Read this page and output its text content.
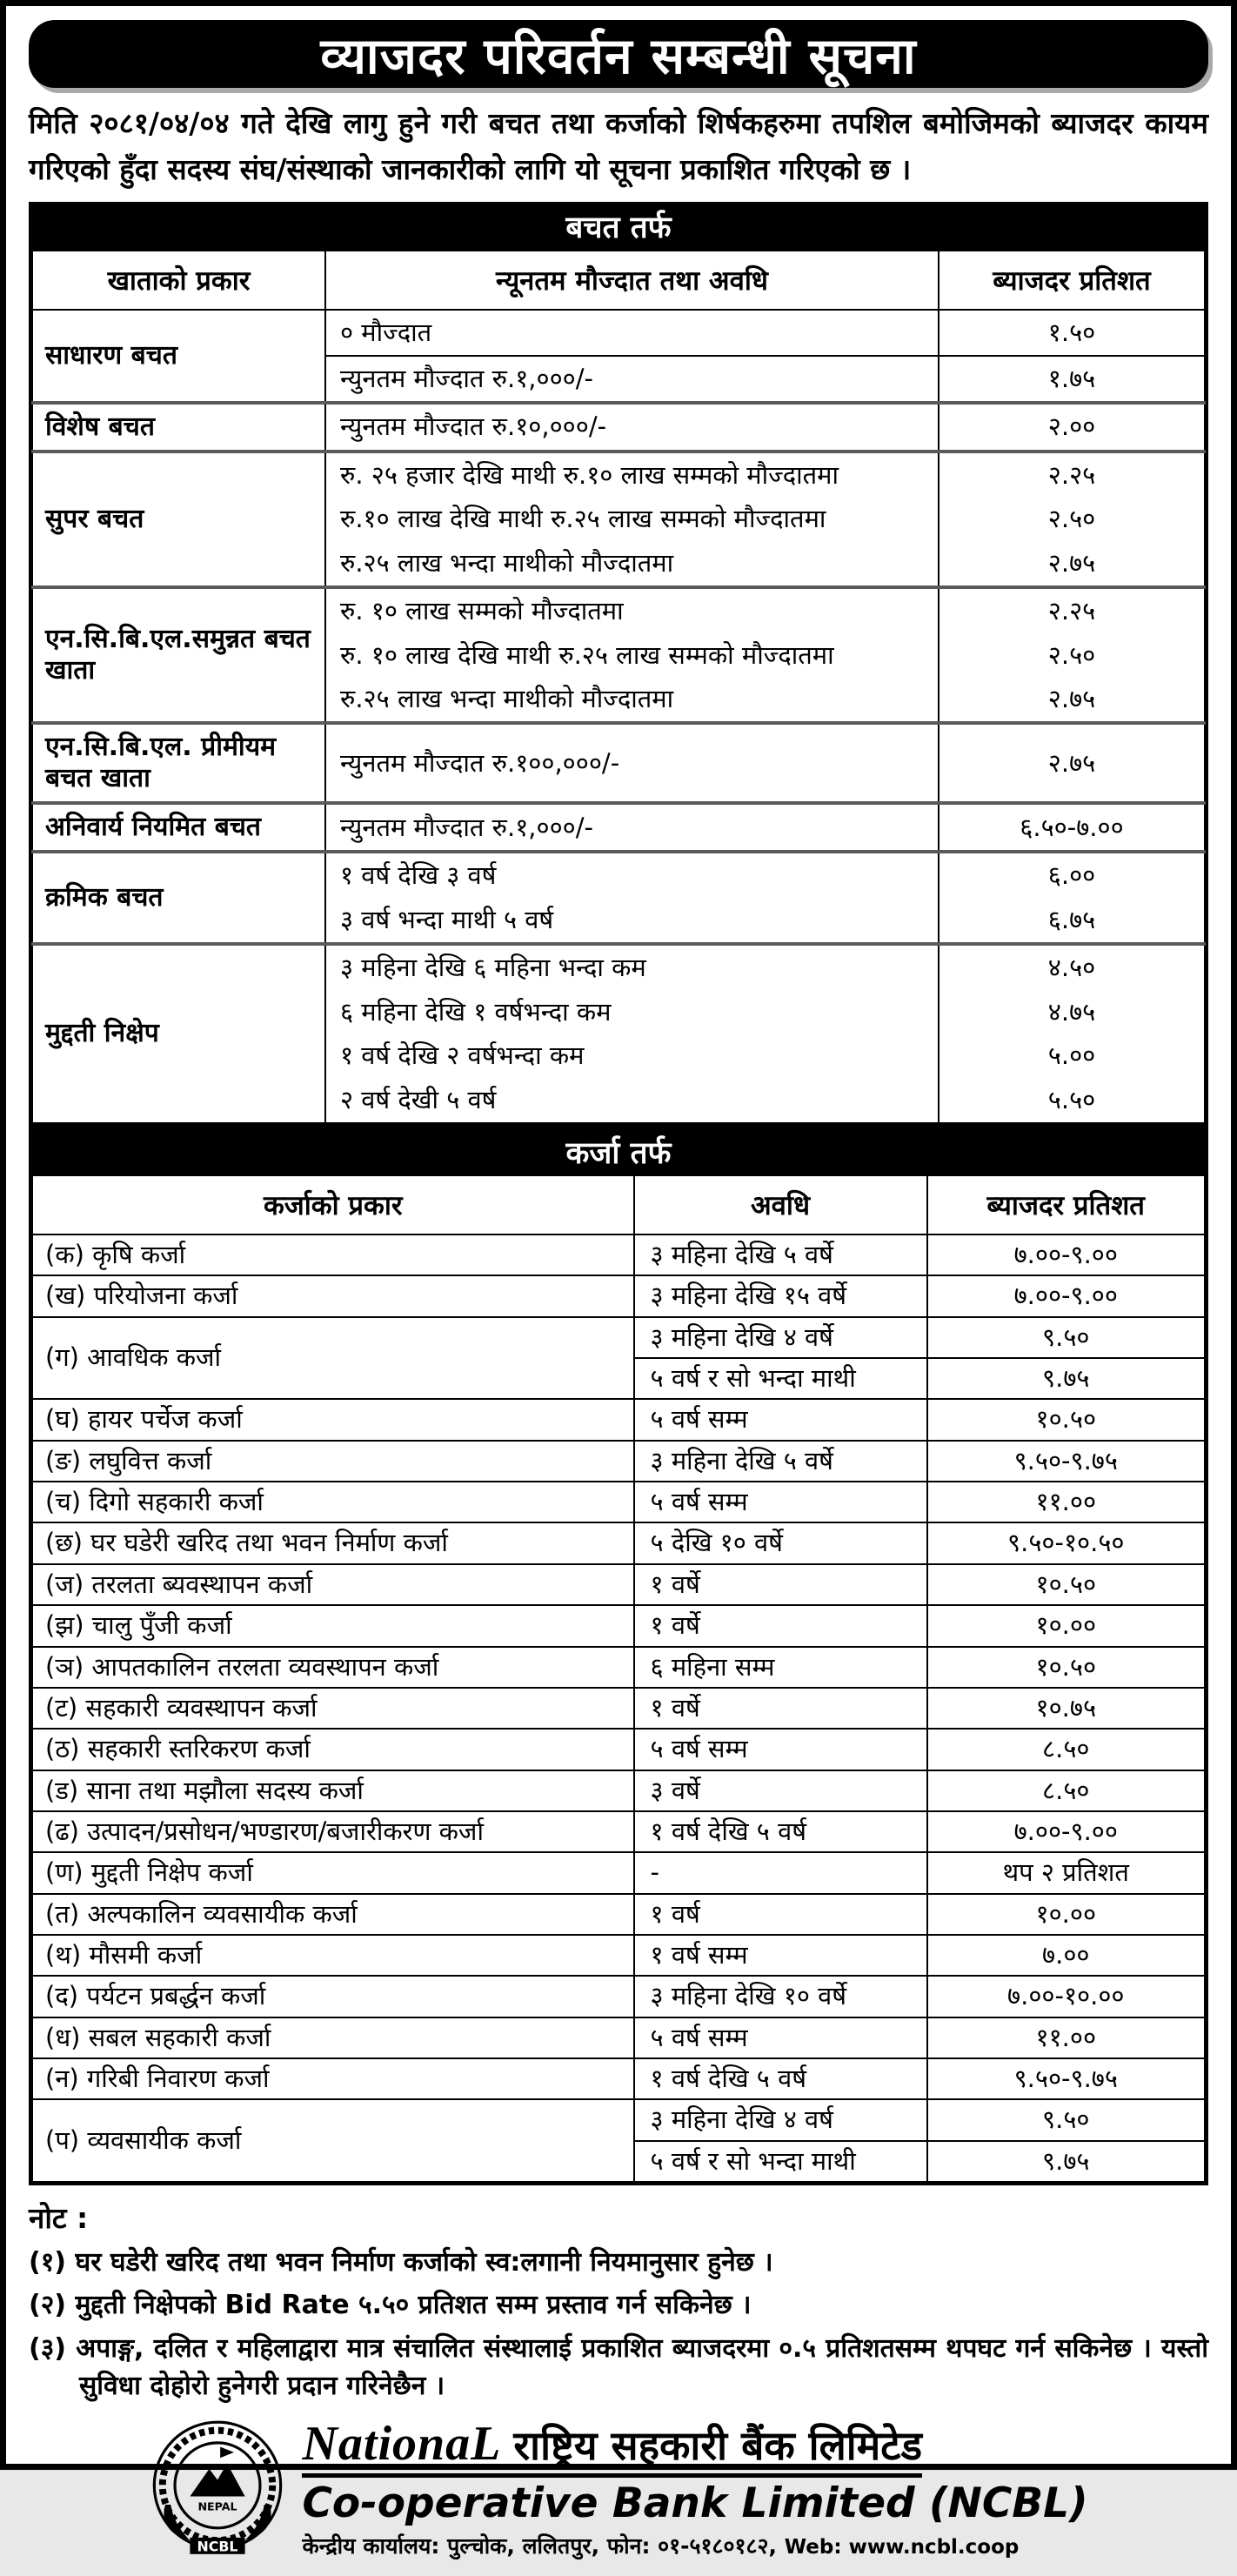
व्याजदर परिवर्तन सम्बन्धी सूचना
मिति २०८१/०४/०४ गते देखि लागु हुने गरी बचत तथा कर्जाको शिर्षकहरुमा तपशिल बमोजिमको ब्याजदर कायम गरिएको हुँदा सदस्य संघ/संस्थाको जानकारीको लागि यो सूचना प्रकाशित गरिएको छ ।
बचत तर्फ
खाताको प्रकार	न्यूनतम मौज्दात तथा अवधि	ब्याजदर प्रतिशत
साधारण बचत	० मौज्दात	१.५०
	न्युनतम मौज्दात रु.१,०००/-	१.७५
विशेष बचत	न्युनतम मौज्दात रु.१०,०००/-	२.००
सुपर बचत	रु. २५ हजार देखि माथी रु.१० लाख सम्मको मौज्दातमा	२.२५
	रु.१० लाख देखि माथी रु.२५ लाख सम्मको मौज्दातमा	२.५०
	रु.२५ लाख भन्दा माथीको मौज्दातमा	२.७५
एन.सि.बि.एल.समुन्नत बचत खाता	रु. १० लाख सम्मको मौज्दातमा	२.२५
	रु. १० लाख देखि माथी रु.२५ लाख सम्मको मौज्दातमा	२.५०
	रु.२५ लाख भन्दा माथीको मौज्दातमा	२.७५
एन.सि.बि.एल. प्रीमीयम बचत खाता	न्युनतम मौज्दात रु.१००,०००/-	२.७५
अनिवार्य नियमित बचत	न्युनतम मौज्दात रु.१,०००/-	६.५०-७.००
क्रमिक बचत	१ वर्ष देखि ३ वर्ष	६.००
	३ वर्ष भन्दा माथी ५ वर्ष	६.७५
मुद्दती निक्षेप	३ महिना देखि ६ महिना भन्दा कम	४.५०
	६ महिना देखि १ वर्षभन्दा कम	४.७५
	१ वर्ष देखि २ वर्षभन्दा कम	५.००
	२ वर्ष देखी ५ वर्ष	५.५०
कर्जा तर्फ
कर्जाको प्रकार	अवधि	ब्याजदर प्रतिशत
(क) कृषि कर्जा	३ महिना देखि ५ वर्षे	७.००-९.००
(ख) परियोजना कर्जा	३ महिना देखि १५ वर्षे	७.००-९.००
(ग) आवधिक कर्जा	३ महिना देखि ४ वर्षे	९.५०
	५ वर्ष र सो भन्दा माथी	९.७५
(घ) हायर पर्चेज कर्जा	५ वर्ष सम्म	१०.५०
(ङ) लघुवित्त कर्जा	३ महिना देखि ५ वर्षे	९.५०-९.७५
(च) दिगो सहकारी कर्जा	५ वर्ष सम्म	११.००
(छ) घर घडेरी खरिद तथा भवन निर्माण कर्जा	५ देखि १० वर्षे	९.५०-१०.५०
(ज) तरलता ब्यवस्थापन कर्जा	१ वर्षे	१०.५०
(झ) चालु पुँजी कर्जा	१ वर्षे	१०.००
(ञ) आपतकालिन तरलता व्यवस्थापन कर्जा	६ महिना सम्म	१०.५०
(ट) सहकारी व्यवस्थापन कर्जा	१ वर्षे	१०.७५
(ठ) सहकारी स्तरिकरण कर्जा	५ वर्ष सम्म	८.५०
(ड) साना तथा मझौला सदस्य कर्जा	३ वर्षे	८.५०
(ढ) उत्पादन/प्रसोधन/भण्डारण/बजारीकरण कर्जा	१ वर्ष देखि ५ वर्ष	७.००-९.००
(ण) मुद्दती निक्षेप कर्जा	-	थप २ प्रतिशत
(त) अल्पकालिन व्यवसायीक कर्जा	१ वर्ष	१०.००
(थ) मौसमी कर्जा	१ वर्ष सम्म	७.००
(द) पर्यटन प्रबर्द्धन कर्जा	३ महिना देखि १० वर्षे	७.००-१०.००
(ध) सबल सहकारी कर्जा	५ वर्ष सम्म	११.००
(न) गरिबी निवारण कर्जा	१ वर्ष देखि ५ वर्ष	९.५०-९.७५
(प) व्यवसायीक कर्जा	३ महिना देखि ४ वर्ष	९.५०
	५ वर्ष र सो भन्दा माथी	९.७५
नोट :
(१) घर घडेरी खरिद तथा भवन निर्माण कर्जाको स्व:लगानी नियमानुसार हुनेछ ।
(२) मुद्दती निक्षेपको Bid Rate ५.५० प्रतिशत सम्म प्रस्ताव गर्न सकिनेछ ।
(३) अपाङ्ग, दलित र महिलाद्वारा मात्र संचालित संस्थालाई प्रकाशित ब्याजदरमा ०.५ प्रतिशतसम्म थपघट गर्न सकिनेछ । यस्तो सुविधा दोहोरो हुनेगरी प्रदान गरिनेछैन ।
NEPAL
NCBL
NationaL राष्ट्रिय सहकारी बैंक लिमिटेड
Co-operative Bank Limited (NCBL)
केन्द्रीय कार्यालय: पुल्चोक, ललितपुर, फोन: ०१-५१८०१८२, Web: www.ncbl.coop
